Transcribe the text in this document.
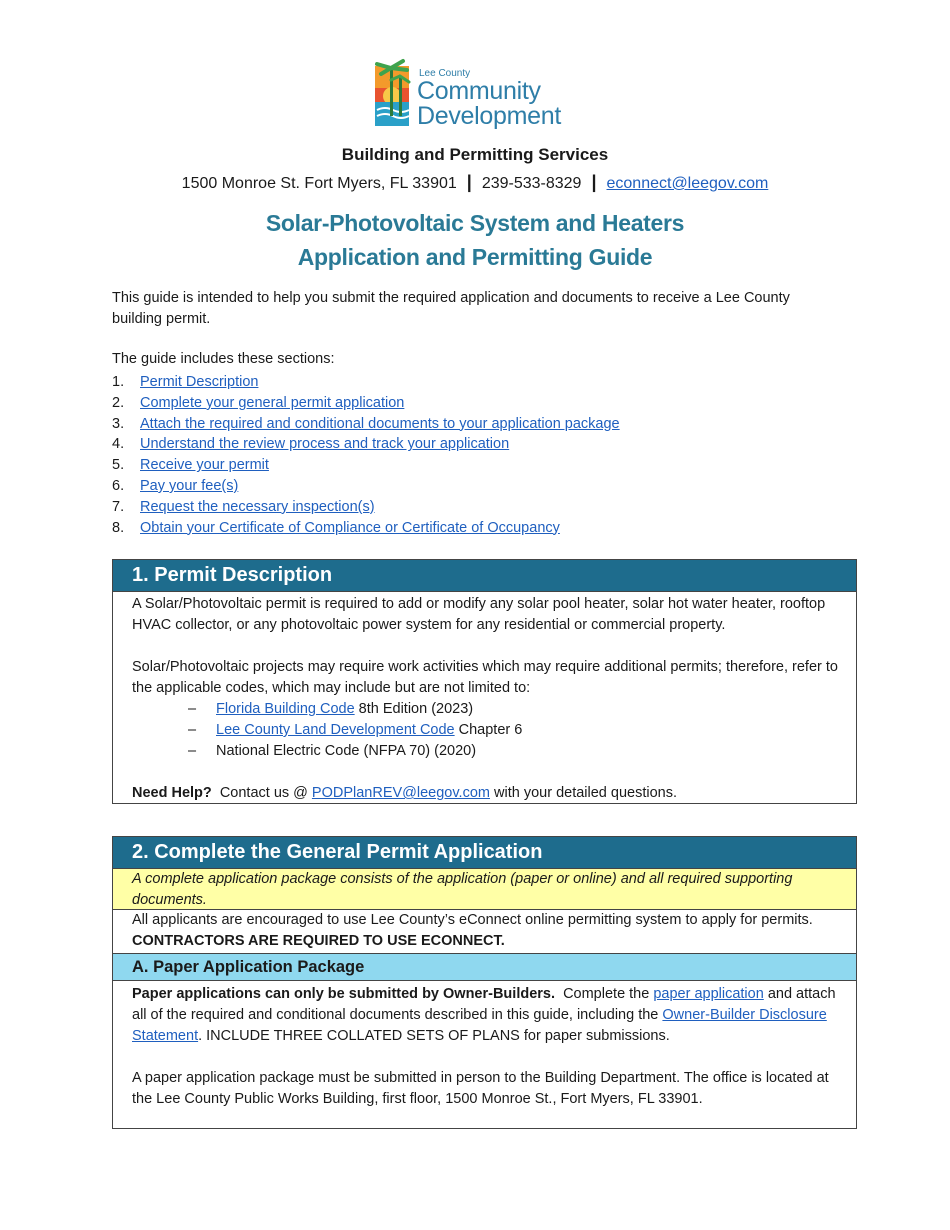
Lee County
Community
Development
Building and Permitting Services
1500 Monroe St. Fort Myers, FL 33901 | 239-533-8329 | econnect@leegov.com
Solar-Photovoltaic System and Heaters
Application and Permitting Guide
This guide is intended to help you submit the required application and documents to receive a Lee County building permit.
The guide includes these sections:
1. Permit Description
2. Complete your general permit application
3. Attach the required and conditional documents to your application package
4. Understand the review process and track your application
5. Receive your permit
6. Pay your fee(s)
7. Request the necessary inspection(s)
8. Obtain your Certificate of Compliance or Certificate of Occupancy
1. Permit Description

A Solar/Photovoltaic permit is required to add or modify any solar pool heater, solar hot water heater, rooftop HVAC collector, or any photovoltaic power system for any residential or commercial property.

Solar/Photovoltaic projects may require work activities which may require additional permits; therefore, refer to the applicable codes, which may include but are not limited to:

– Florida Building Code 8th Edition (2023)
– Lee County Land Development Code Chapter 6
– National Electric Code (NFPA 70) (2020)

Need Help?  Contact us @ PODPlanREV@leegov.com with your detailed questions.

2. Complete the General Permit Application
A complete application package consists of the application (paper or online) and all required supporting documents.
All applicants are encouraged to use Lee County’s eConnect online permitting system to apply for permits. CONTRACTORS ARE REQUIRED TO USE ECONNECT.
A. Paper Application Package

Paper applications can only be submitted by Owner-Builders.  Complete the paper application and attach all of the required and conditional documents described in this guide, including the Owner-Builder Disclosure Statement. INCLUDE THREE COLLATED SETS OF PLANS for paper submissions.

A paper application package must be submitted in person to the Building Department. The office is located at the Lee County Public Works Building, first floor, 1500 Monroe St., Fort Myers, FL 33901.
